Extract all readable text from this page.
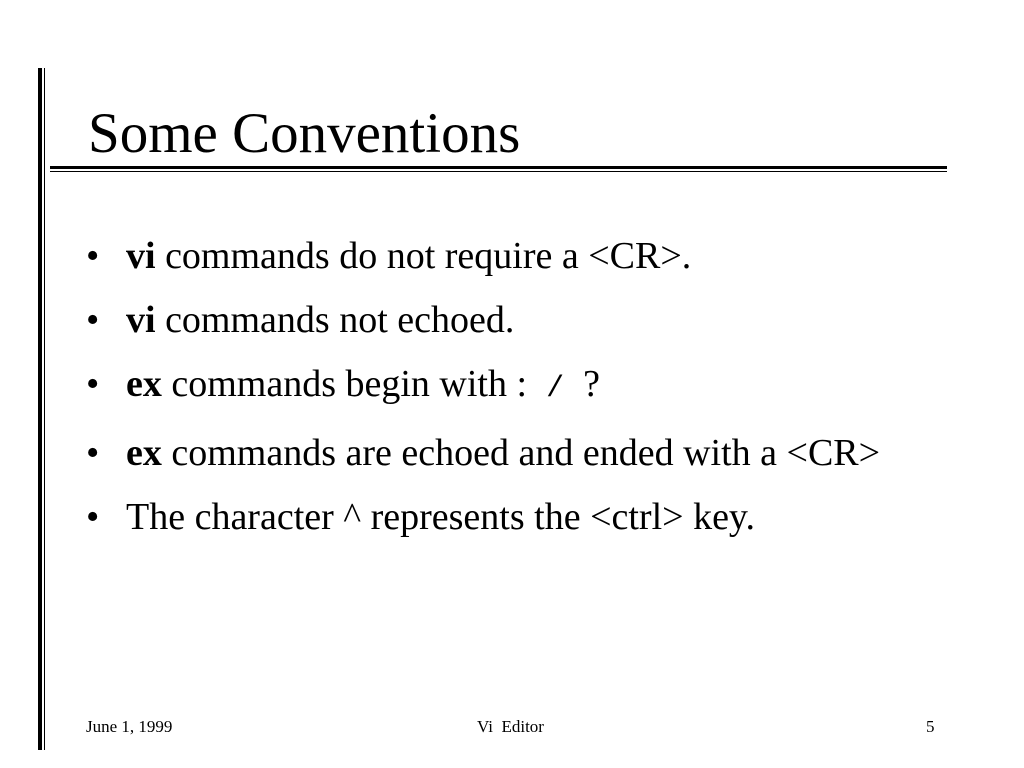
Some Conventions
• vi commands do not require a <CR>.
• vi commands not echoed.
• ex commands begin with :  /  ?
• ex commands are echoed and ended with a <CR>
• The character ^ represents the <ctrl> key.
June 1, 1999	Vi  Editor	5
